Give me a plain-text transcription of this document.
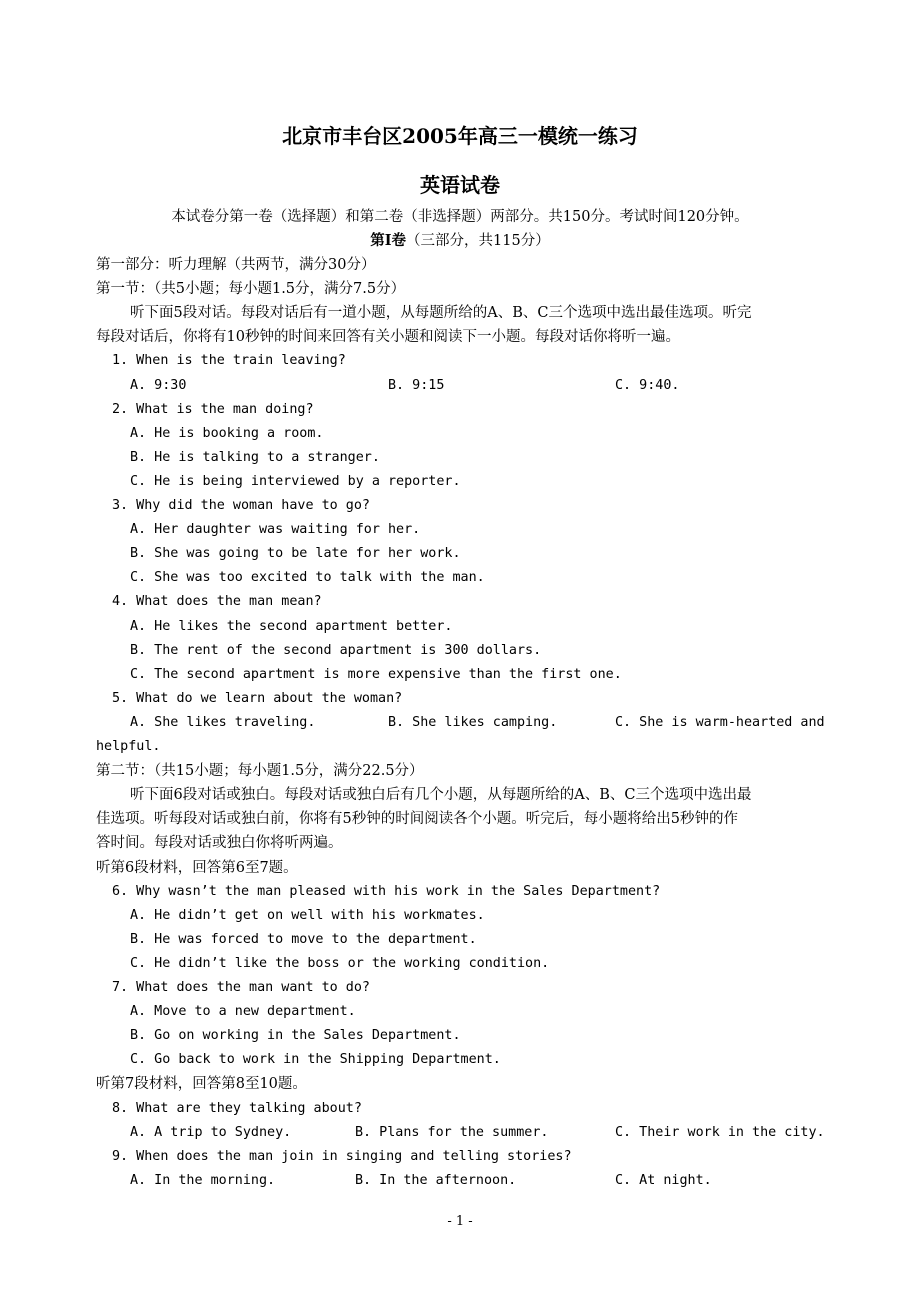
北京市丰台区2005年高三一模统一练习
英语试卷
本试卷分第一卷（选择题）和第二卷（非选择题）两部分。共150分。考试时间120分钟。
第Ⅰ卷（三部分，共115分）
第一部分：听力理解（共两节，满分30分）
第一节：（共5小题；每小题1.5分，满分7.5分）
听下面5段对话。每段对话后有一道小题，从每题所给的A、B、C三个选项中选出最佳选项。听完
每段对话后，你将有10秒钟的时间来回答有关小题和阅读下一小题。每段对话你将听一遍。
1. When is the train leaving?
A. 9:30	B. 9:15	C. 9:40.
2. What is the man doing?
A. He is booking a room.
B. He is talking to a stranger.
C. He is being interviewed by a reporter.
3. Why did the woman have to go?
A. Her daughter was waiting for her.
B. She was going to be late for her work.
C. She was too excited to talk with the man.
4. What does the man mean?
A. He likes the second apartment better.
B. The rent of the second apartment is 300 dollars.
C. The second apartment is more expensive than the first one.
5. What do we learn about the woman?
A. She likes traveling.	B. She likes camping.	C. She is warm-hearted and
helpful.
第二节：（共15小题；每小题1.5分，满分22.5分）
听下面6段对话或独白。每段对话或独白后有几个小题，从每题所给的A、B、C三个选项中选出最
佳选项。听每段对话或独白前，你将有5秒钟的时间阅读各个小题。听完后，每小题将给出5秒钟的作
答时间。每段对话或独白你将听两遍。
听第6段材料，回答第6至7题。
6. Why wasn’t the man pleased with his work in the Sales Department?
A. He didn’t get on well with his workmates.
B. He was forced to move to the department.
C. He didn’t like the boss or the working condition.
7. What does the man want to do?
A. Move to a new department.
B. Go on working in the Sales Department.
C. Go back to work in the Shipping Department.
听第7段材料，回答第8至10题。
8. What are they talking about?
A. A trip to Sydney.	B. Plans for the summer.	C. Their work in the city.
9. When does the man join in singing and telling stories?
A. In the morning.	B. In the afternoon.	C. At night.
- 1 -
